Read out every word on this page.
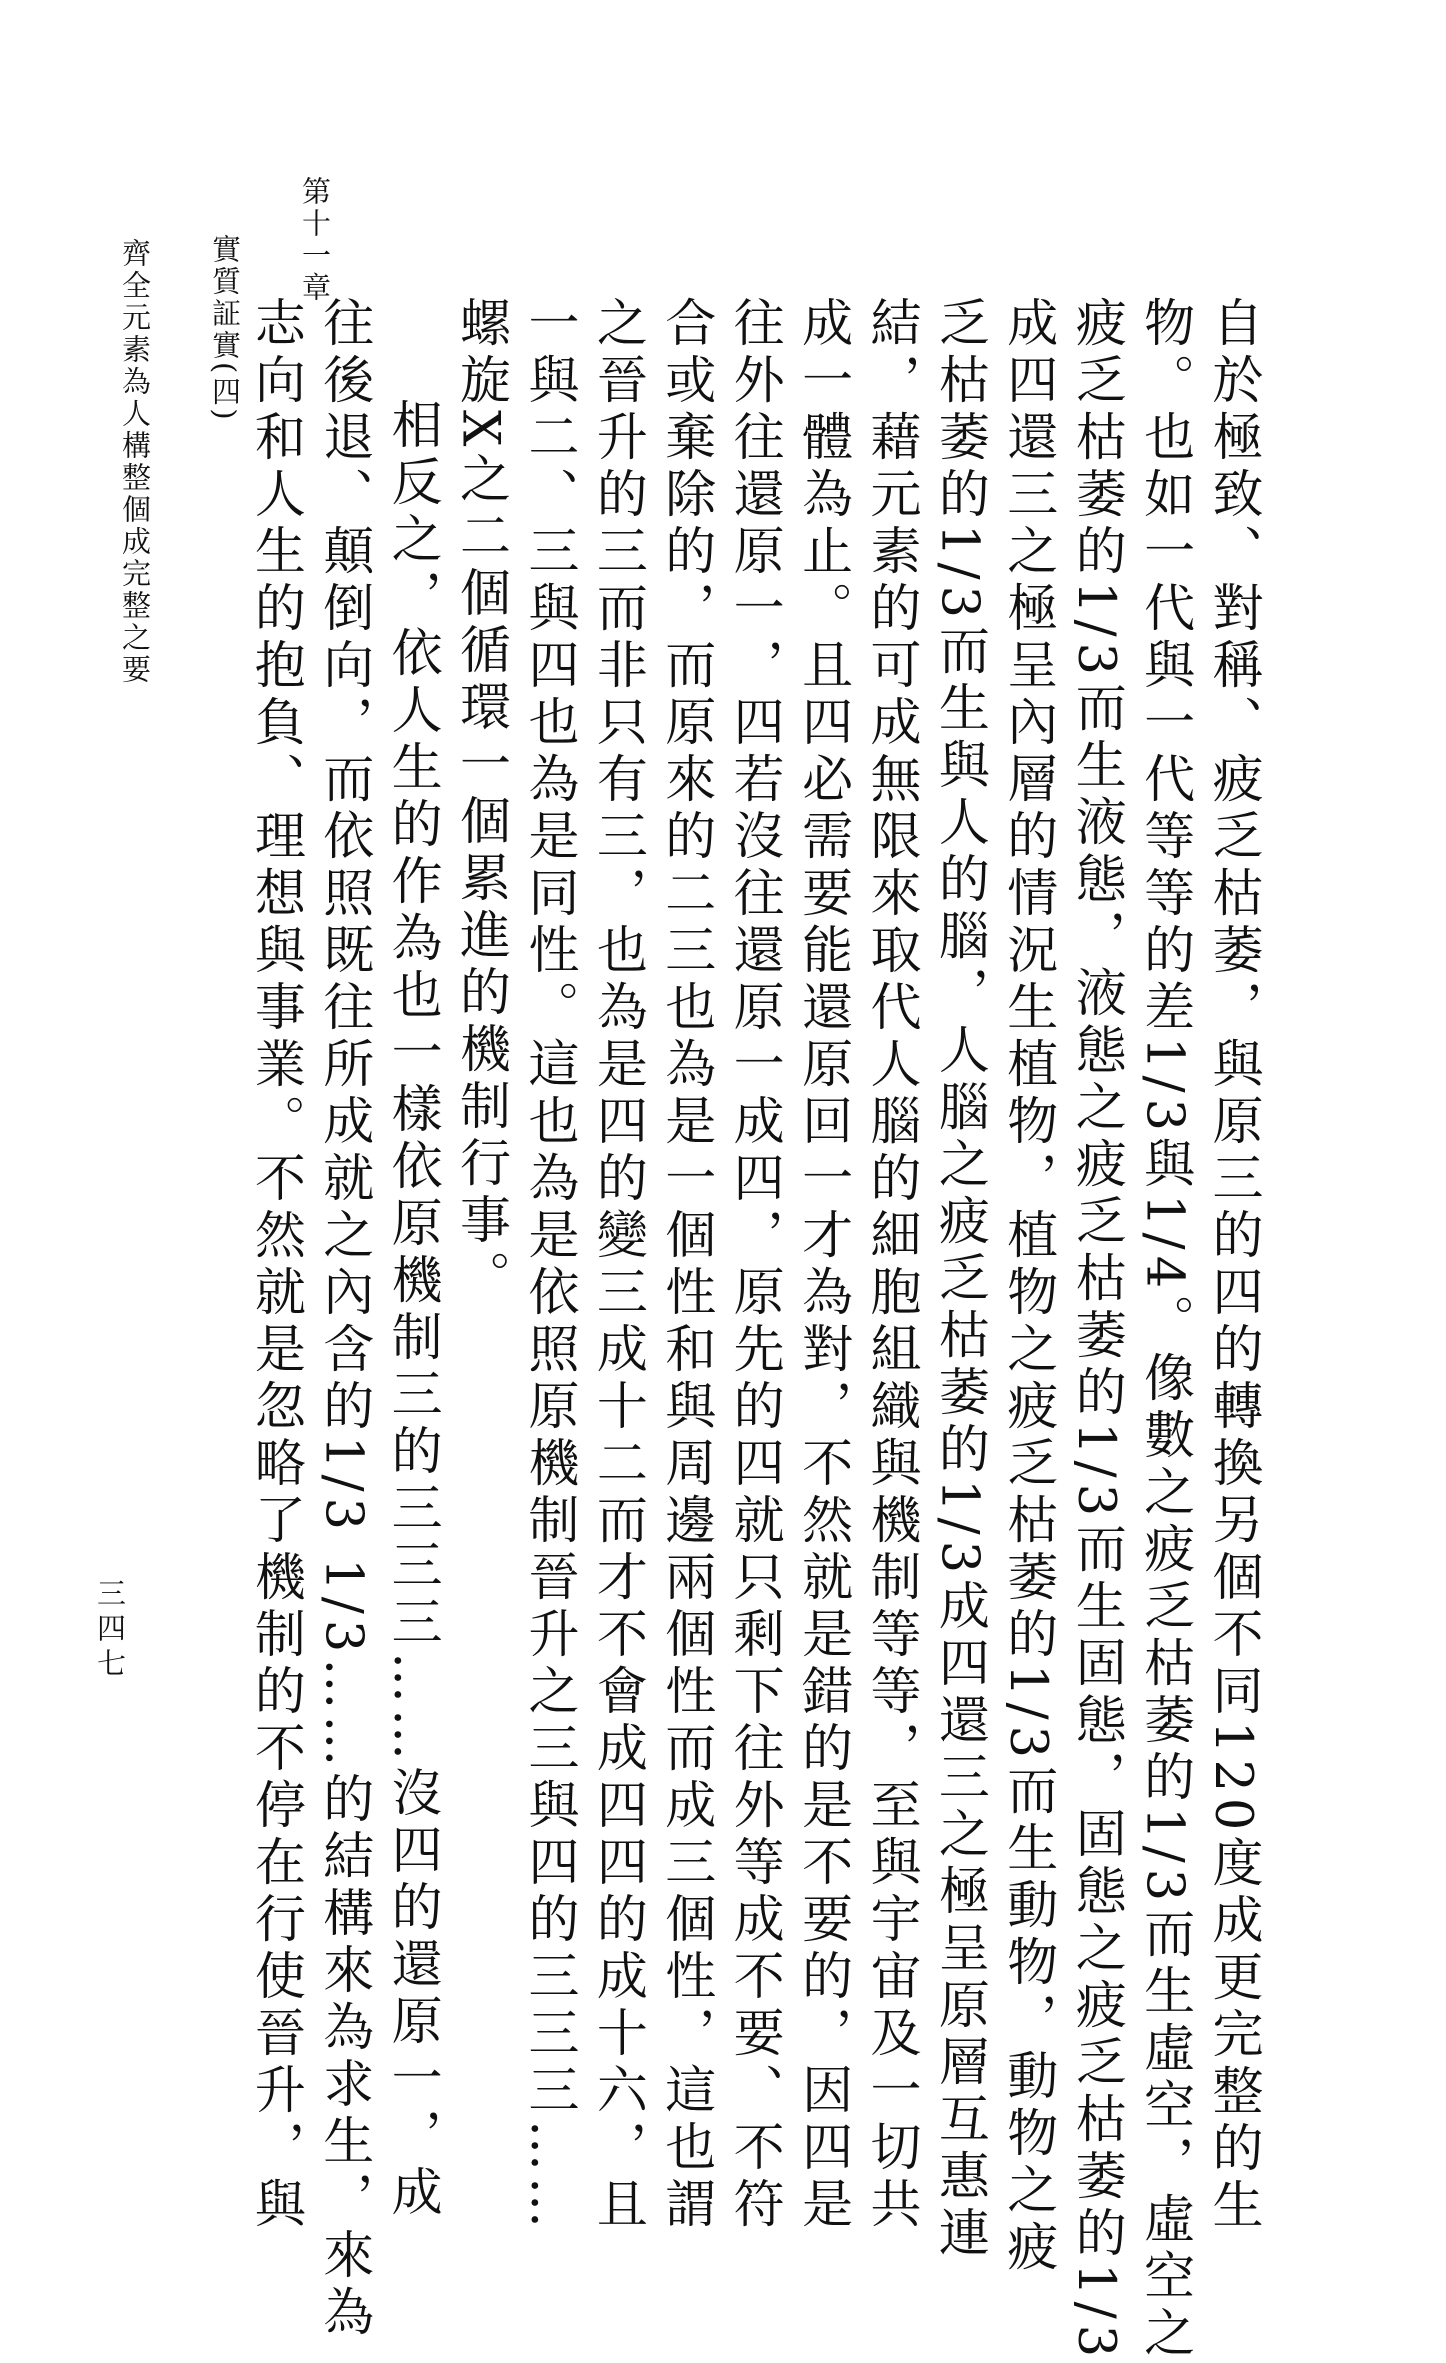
自於極致、對稱、疲乏枯萎，與原三的四的轉換另個不同120度成更完整的生
物。也如一代與一代等等的差1/3與1/4。像數之疲乏枯萎的1/3而生虛空，虛空之
疲乏枯萎的1/3而生液態，液態之疲乏枯萎的1/3而生固態，固態之疲乏枯萎的1/3
成四還三之極呈內層的情況生植物，植物之疲乏枯萎的1/3而生動物，動物之疲
乏枯萎的1/3而生與人的腦，人腦之疲乏枯萎的1/3成四還三之極呈原層互惠連
結，藉元素的可成無限來取代人腦的細胞組織與機制等等，至與宇宙及一切共
成一體為止。且四必需要能還原回一才為對，不然就是錯的是不要的，因四是
往外往還原一，四若沒往還原一成四，原先的四就只剩下往外等成不要、不符
合或棄除的，而原來的二三也為是一個性和與周邊兩個性而成三個性，這也謂
之晉升的三而非只有三，也為是四的變三成十二而才不會成四四的成十六，且
一與二、三與四也為是同性。這也為是依照原機制晉升之三與四的三三三……
螺旋X之二個循環一個累進的機制行事。
相反之，依人生的作為也一樣依原機制三的三三三……沒四的還原一，成
往後退、顛倒向，而依照既往所成就之內含的1/3 1/3……的結構來為求生，來為
志向和人生的抱負、理想與事業。不然就是忽略了機制的不停在行使晉升，與
第十一章
實質証實(四)
齊全元素為人構整個成完整之要
三四七
